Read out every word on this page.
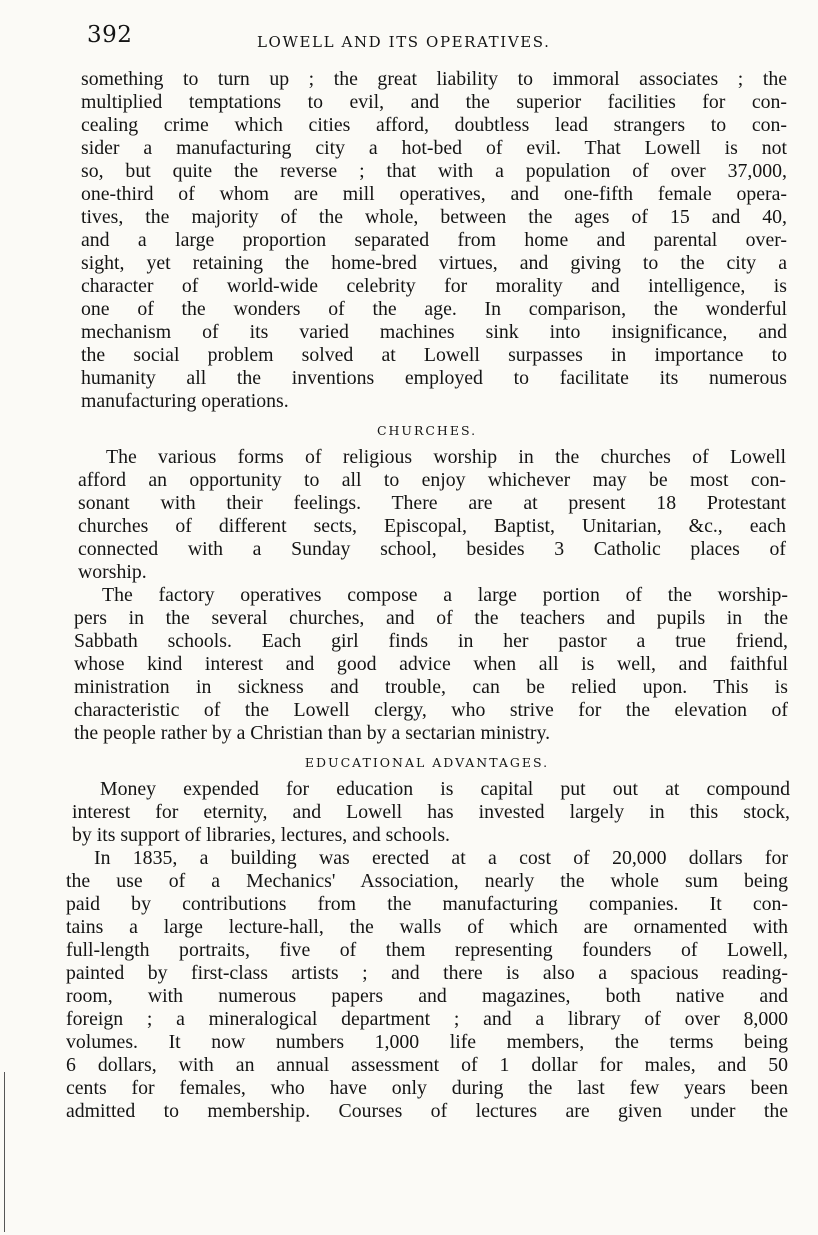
392	LOWELL AND ITS OPERATIVES.

something to turn up ; the great liability to immoral associates ; the
multiplied temptations to evil, and the superior facilities for con-
cealing crime which cities afford, doubtless lead strangers to con-
sider a manufacturing city a hot-bed of evil. That Lowell is not
so, but quite the reverse ; that with a population of over 37,000,
one-third of whom are mill operatives, and one-fifth female opera-
tives, the majority of the whole, between the ages of 15 and 40,
and a large proportion separated from home and parental over-
sight, yet retaining the home-bred virtues, and giving to the city a
character of world-wide celebrity for morality and intelligence, is
one of the wonders of the age. In comparison, the wonderful
mechanism of its varied machines sink into insignificance, and
the social problem solved at Lowell surpasses in importance to
humanity all the inventions employed to facilitate its numerous
manufacturing operations.

CHURCHES.

The various forms of religious worship in the churches of Lowell
afford an opportunity to all to enjoy whichever may be most con-
sonant with their feelings. There are at present 18 Protestant
churches of different sects, Episcopal, Baptist, Unitarian, &c., each
connected with a Sunday school, besides 3 Catholic places of
worship.

The factory operatives compose a large portion of the worship-
pers in the several churches, and of the teachers and pupils in the
Sabbath schools. Each girl finds in her pastor a true friend,
whose kind interest and good advice when all is well, and faithful
ministration in sickness and trouble, can be relied upon. This is
characteristic of the Lowell clergy, who strive for the elevation of
the people rather by a Christian than by a sectarian ministry.

EDUCATIONAL ADVANTAGES.

Money expended for education is capital put out at compound
interest for eternity, and Lowell has invested largely in this stock,
by its support of libraries, lectures, and schools.

In 1835, a building was erected at a cost of 20,000 dollars for
the use of a Mechanics' Association, nearly the whole sum being
paid by contributions from the manufacturing companies. It con-
tains a large lecture-hall, the walls of which are ornamented with
full-length portraits, five of them representing founders of Lowell,
painted by first-class artists ; and there is also a spacious reading-
room, with numerous papers and magazines, both native and
foreign ; a mineralogical department ; and a library of over 8,000
volumes. It now numbers 1,000 life members, the terms being
6 dollars, with an annual assessment of 1 dollar for males, and 50
cents for females, who have only during the last few years been
admitted to membership. Courses of lectures are given under the
